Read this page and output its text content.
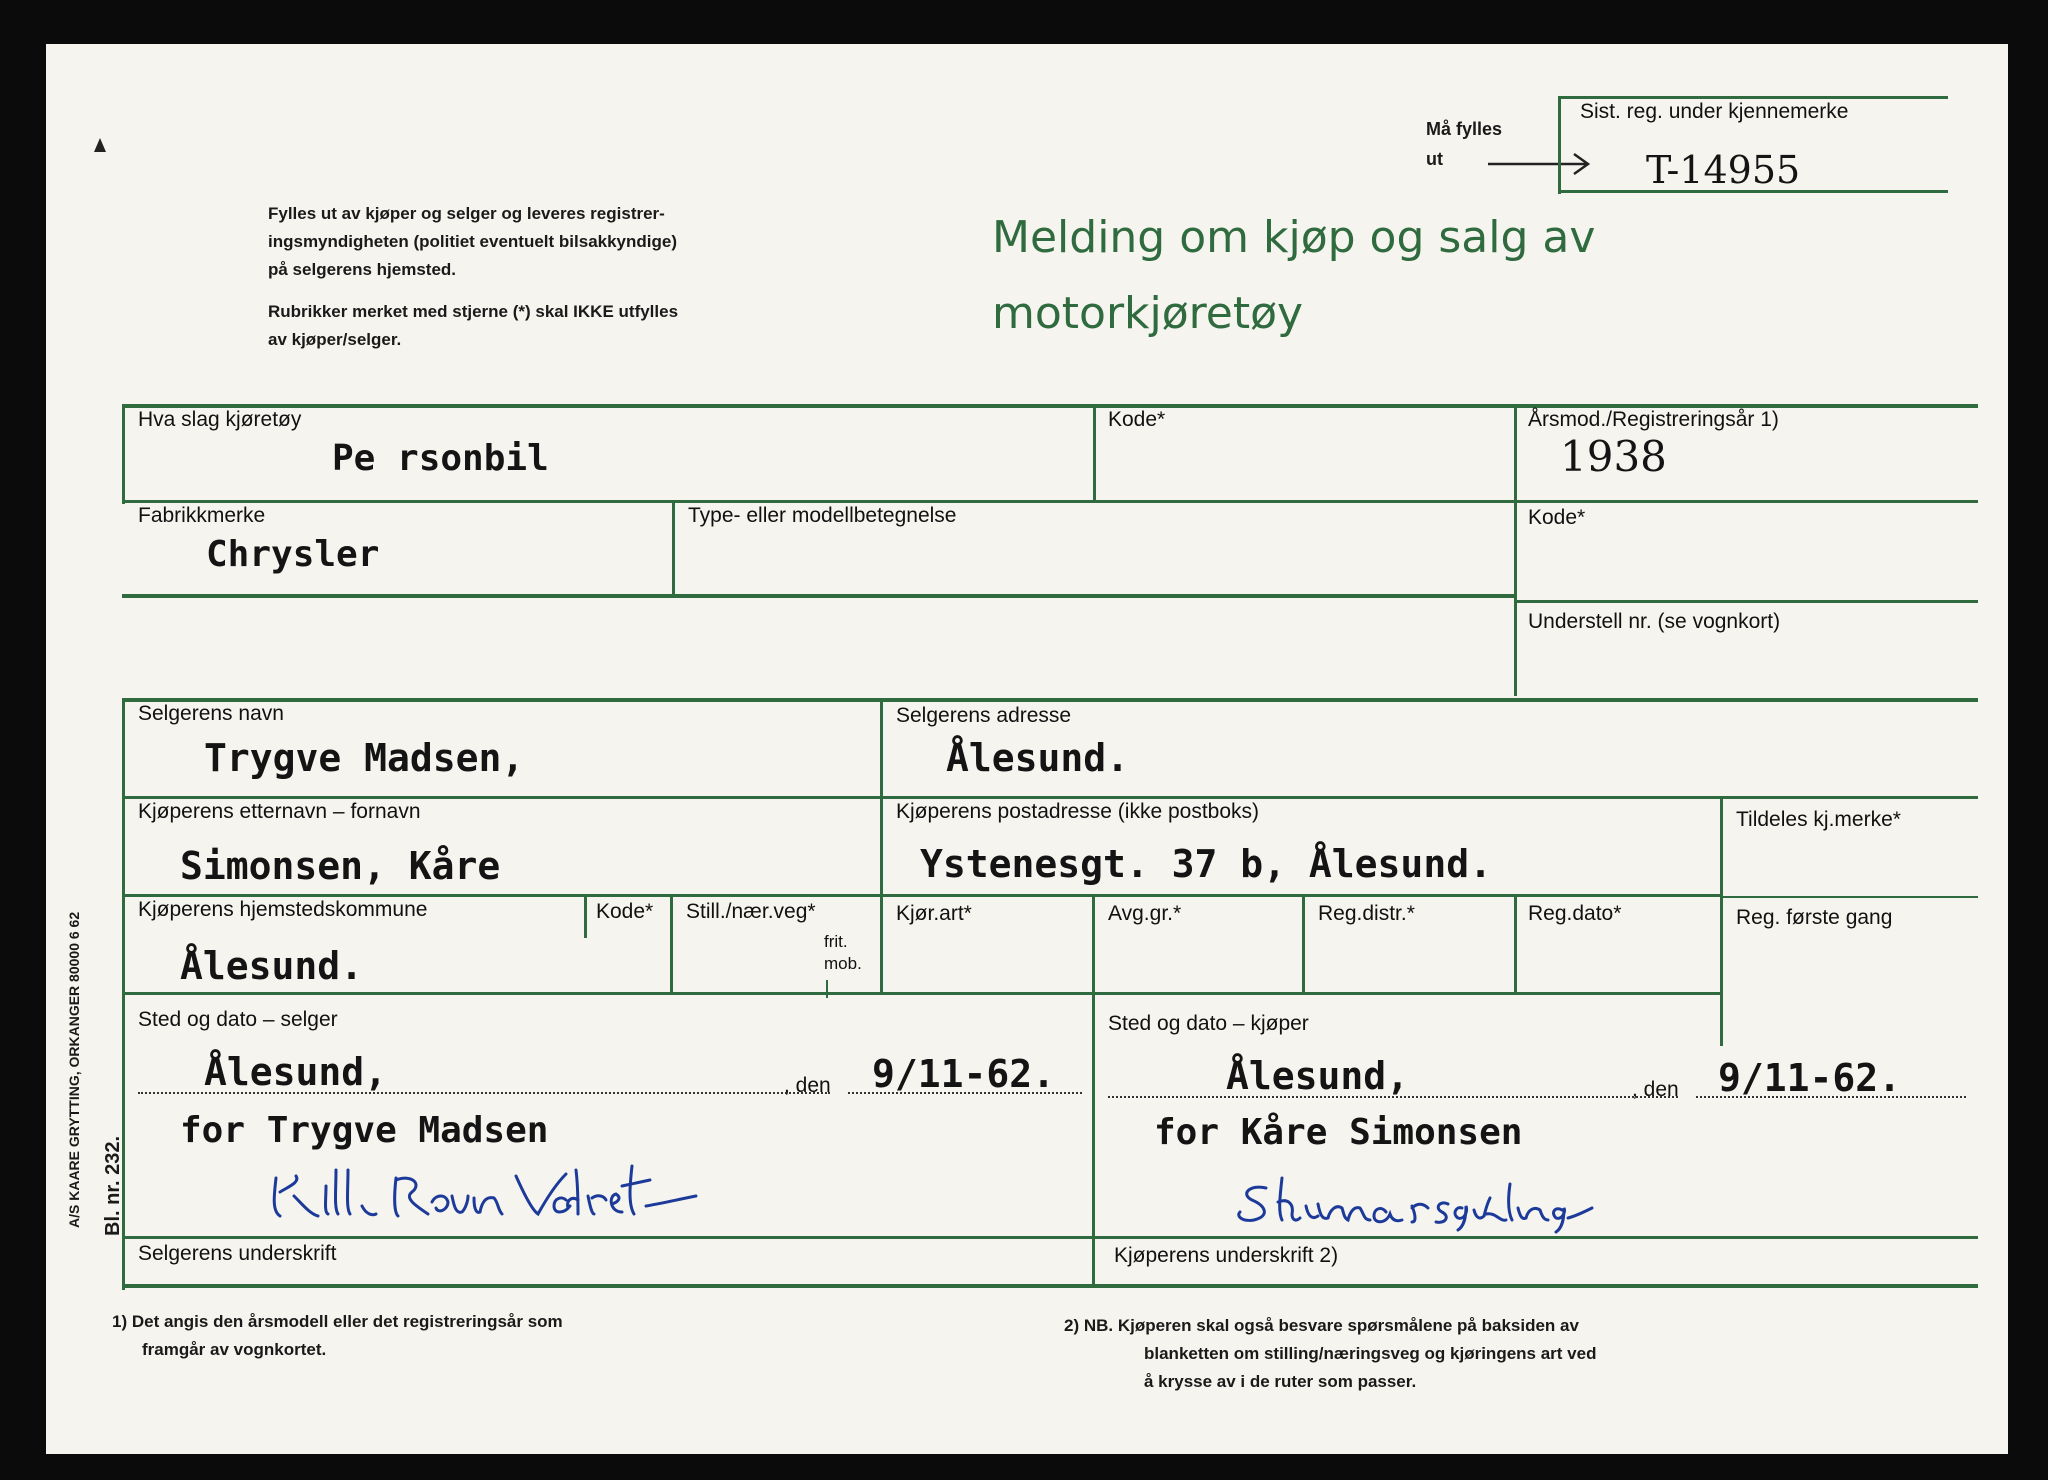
Må fylles
ut
Sist. reg. under kjennemerke
T-14955
Fylles ut av kjøper og selger og leveres registrer-
ingsmyndigheten (politiet eventuelt bilsakkyndige)
på selgerens hjemsted.
Rubrikker merket med stjerne (*) skal IKKE utfylles
av kjøper/selger.
Melding om kjøp og salg av
motorkjøretøy
Hva slag kjøretøy
Pe rsonbil
Kode*	Årsmod./Registreringsår 1)
1938
Fabrikkmerke
Chrysler
Type- eller modellbetegnelse	Kode*
Understell nr. (se vognkort)
Selgerens navn
Trygve Madsen,
Selgerens adresse
Ålesund.
Kjøperens etternavn – fornavn
Simonsen, Kåre
Kjøperens postadresse (ikke postboks)
Ystenesgt. 37 b, Ålesund.
Tildeles kj.merke*
Kjøperens hjemstedskommune
Ålesund.
Kode* Still./nær.veg*
frit.
mob.
Kjør.art*	Avg.gr.*	Reg.distr.*	Reg.dato*	Reg. første gang
Sted og dato – selger
Ålesund,	, den 9/11-62.
for Trygve Madsen
Selgerens underskrift
Sted og dato – kjøper
Ålesund,	, den 9/11-62.
for Kåre Simonsen
Kjøperens underskrift 2)
1) Det angis den årsmodell eller det registreringsår som
framgår av vognkortet.
2) NB. Kjøperen skal også besvare spørsmålene på baksiden av
blanketten om stilling/næringsveg og kjøringens art ved
å krysse av i de ruter som passer.
A/S KAARE GRYTTING, ORKANGER 80000 6 62 Bl. nr. 232.
